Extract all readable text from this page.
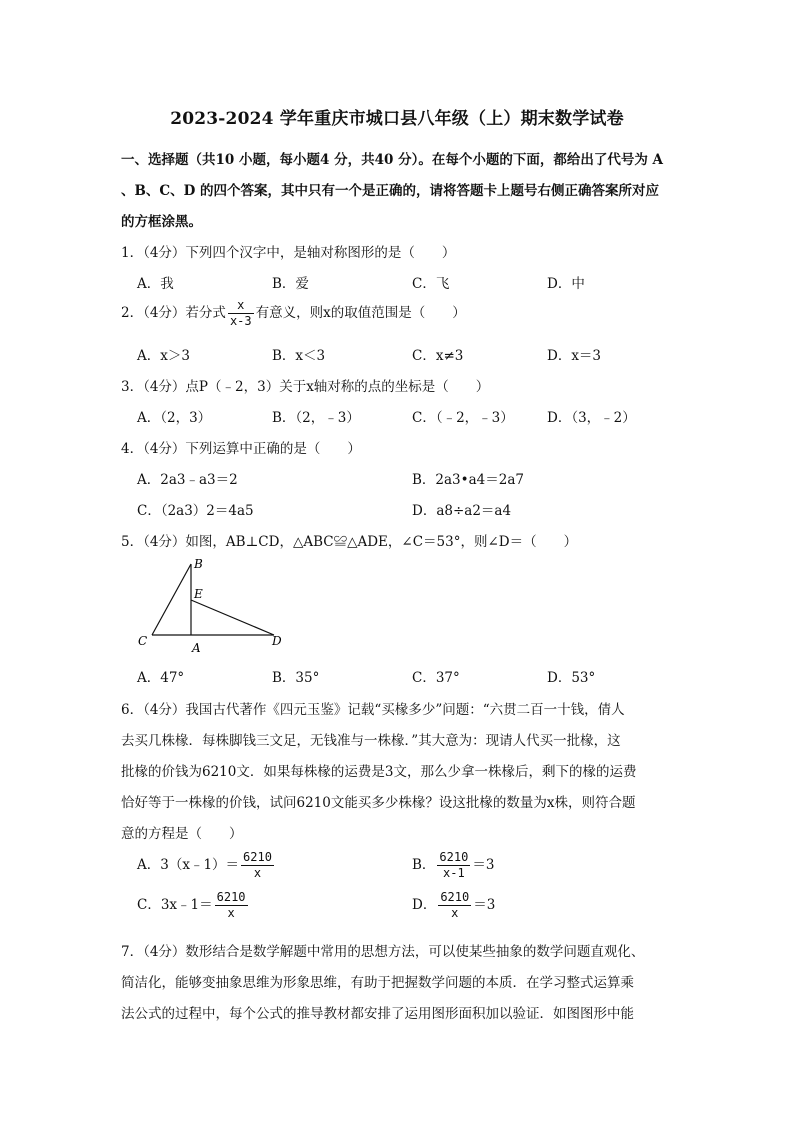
2023-2024 学年重庆市城口县八年级（上）期末数学试卷
一、选择题（共10 小题，每小题4 分，共40 分）。在每个小题的下面，都给出了代号为 A
、B、C、D 的四个答案，其中只有一个是正确的，请将答题卡上题号右侧正确答案所对应
的方框涂黑。
1．（4分）下列四个汉字中，是轴对称图形的是（　　）
A．我	B．爱	C．飞	D．中
2．（4分）若分式 $\frac{x}{x-3}$ 有意义，则x的取值范围是（　　）
A．x＞3	B．x＜3	C．x≠3	D．x＝3
3．（4分）点P（﹣2，3）关于x轴对称的点的坐标是（　　）
A．（2，3）	B．（2，﹣3）	C．（﹣2，﹣3） D．（3，﹣2）
4．（4分）下列运算中正确的是（　　）
A．2a3﹣a3＝2	B．2a3•a4＝2a7
C．（2a3）2＝4a5	D．a8÷a2＝a4
5．（4分）如图，AB⊥CD，△ABC≌△ADE，∠C＝53°，则∠D＝（　　）
B
E
C	A	D
A．47°	B．35°	C．37°	D．53°
6．（4分）我国古代著作《四元玉鉴》记载“买椽多少”问题：“六贯二百一十钱，倩人
去买几株椽．每株脚钱三文足，无钱准与一株椽．”其大意为：现请人代买一批椽，这
批椽的价钱为6210文．如果每株椽的运费是3文，那么少拿一株椽后，剩下的椽的运费
恰好等于一株椽的价钱，试问6210文能买多少株椽？设这批椽的数量为x株，则符合题
意的方程是（　　）
A．3（x﹣1）＝ $\frac{6210}{x}$	B． $\frac{6210}{x-1} =3$
C．3x﹣1＝ $\frac{6210}{x}$	D． $\frac{6210}{x} =3$
7．（4分）数形结合是数学解题中常用的思想方法，可以使某些抽象的数学问题直观化、
简洁化，能够变抽象思维为形象思维，有助于把握数学问题的本质．在学习整式运算乘
法公式的过程中，每个公式的推导教材都安排了运用图形面积加以验证．如图图形中能
